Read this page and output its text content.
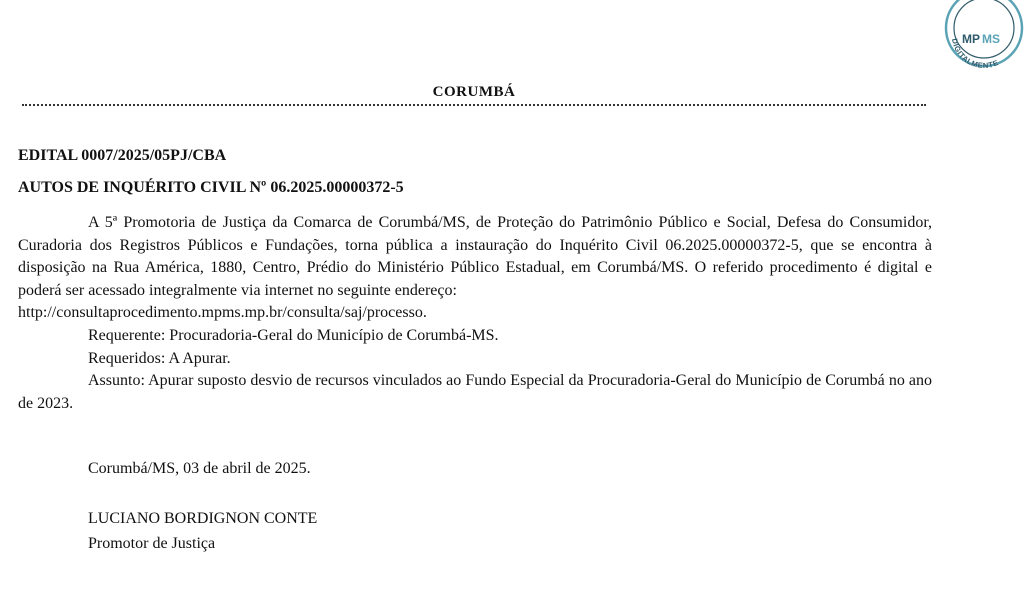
MP MS
DIGITALMENTE
CORUMBÁ
EDITAL 0007/2025/05PJ/CBA
AUTOS DE INQUÉRITO CIVIL Nº 06.2025.00000372-5

A 5ª Promotoria de Justiça da Comarca de Corumbá/MS, de Proteção do Patrimônio Público e Social, Defesa do Consumidor, Curadoria dos Registros Públicos e Fundações, torna pública a instauração do Inquérito Civil 06.2025.00000372-5, que se encontra à disposição na Rua América, 1880, Centro, Prédio do Ministério Público Estadual, em Corumbá/MS. O referido procedimento é digital e poderá ser acessado integralmente via internet no seguinte endereço:

http://consultaprocedimento.mpms.mp.br/consulta/saj/processo.

Requerente: Procuradoria-Geral do Município de Corumbá-MS.

Requeridos: A Apurar.

Assunto: Apurar suposto desvio de recursos vinculados ao Fundo Especial da Procuradoria-Geral do Município de Corumbá no ano de 2023.

Corumbá/MS, 03 de abril de 2025.
LUCIANO BORDIGNON CONTE
Promotor de Justiça
